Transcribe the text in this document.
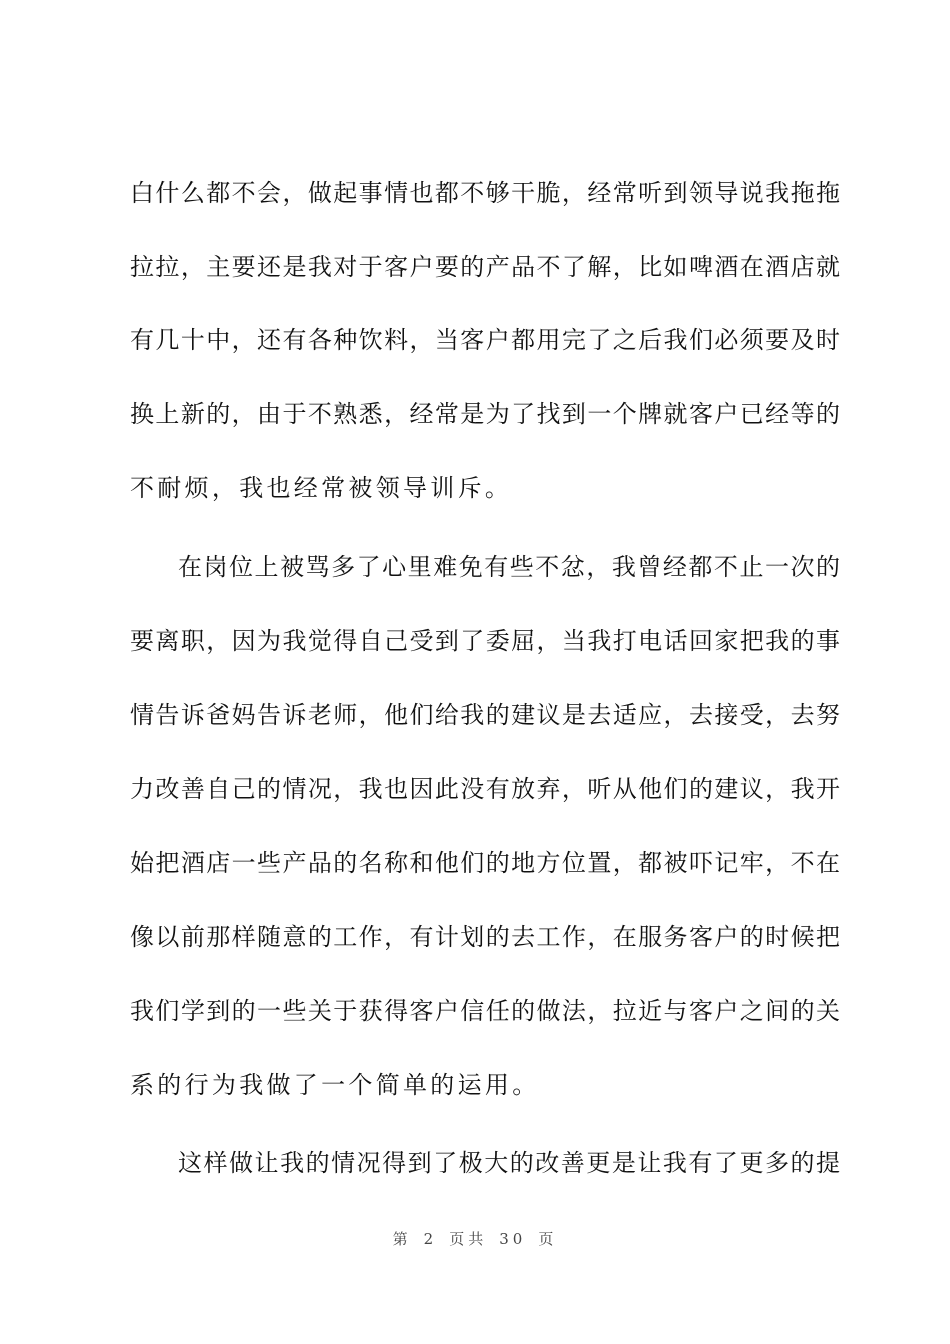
白什么都不会，做起事情也都不够干脆，经常听到领导说我拖拖
拉拉，主要还是我对于客户要的产品不了解，比如啤酒在酒店就
有几十中，还有各种饮料，当客户都用完了之后我们必须要及时
换上新的，由于不熟悉，经常是为了找到一个牌就客户已经等的
不耐烦，我也经常被领导训斥。
在岗位上被骂多了心里难免有些不忿，我曾经都不止一次的
要离职，因为我觉得自己受到了委屈，当我打电话回家把我的事
情告诉爸妈告诉老师，他们给我的建议是去适应，去接受，去努
力改善自己的情况，我也因此没有放弃，听从他们的建议，我开
始把酒店一些产品的名称和他们的地方位置，都被吓记牢，不在
像以前那样随意的工作，有计划的去工作，在服务客户的时候把
我们学到的一些关于获得客户信任的做法，拉近与客户之间的关
系的行为我做了一个简单的运用。
这样做让我的情况得到了极大的改善更是让我有了更多的提
第 2 页共 30 页
